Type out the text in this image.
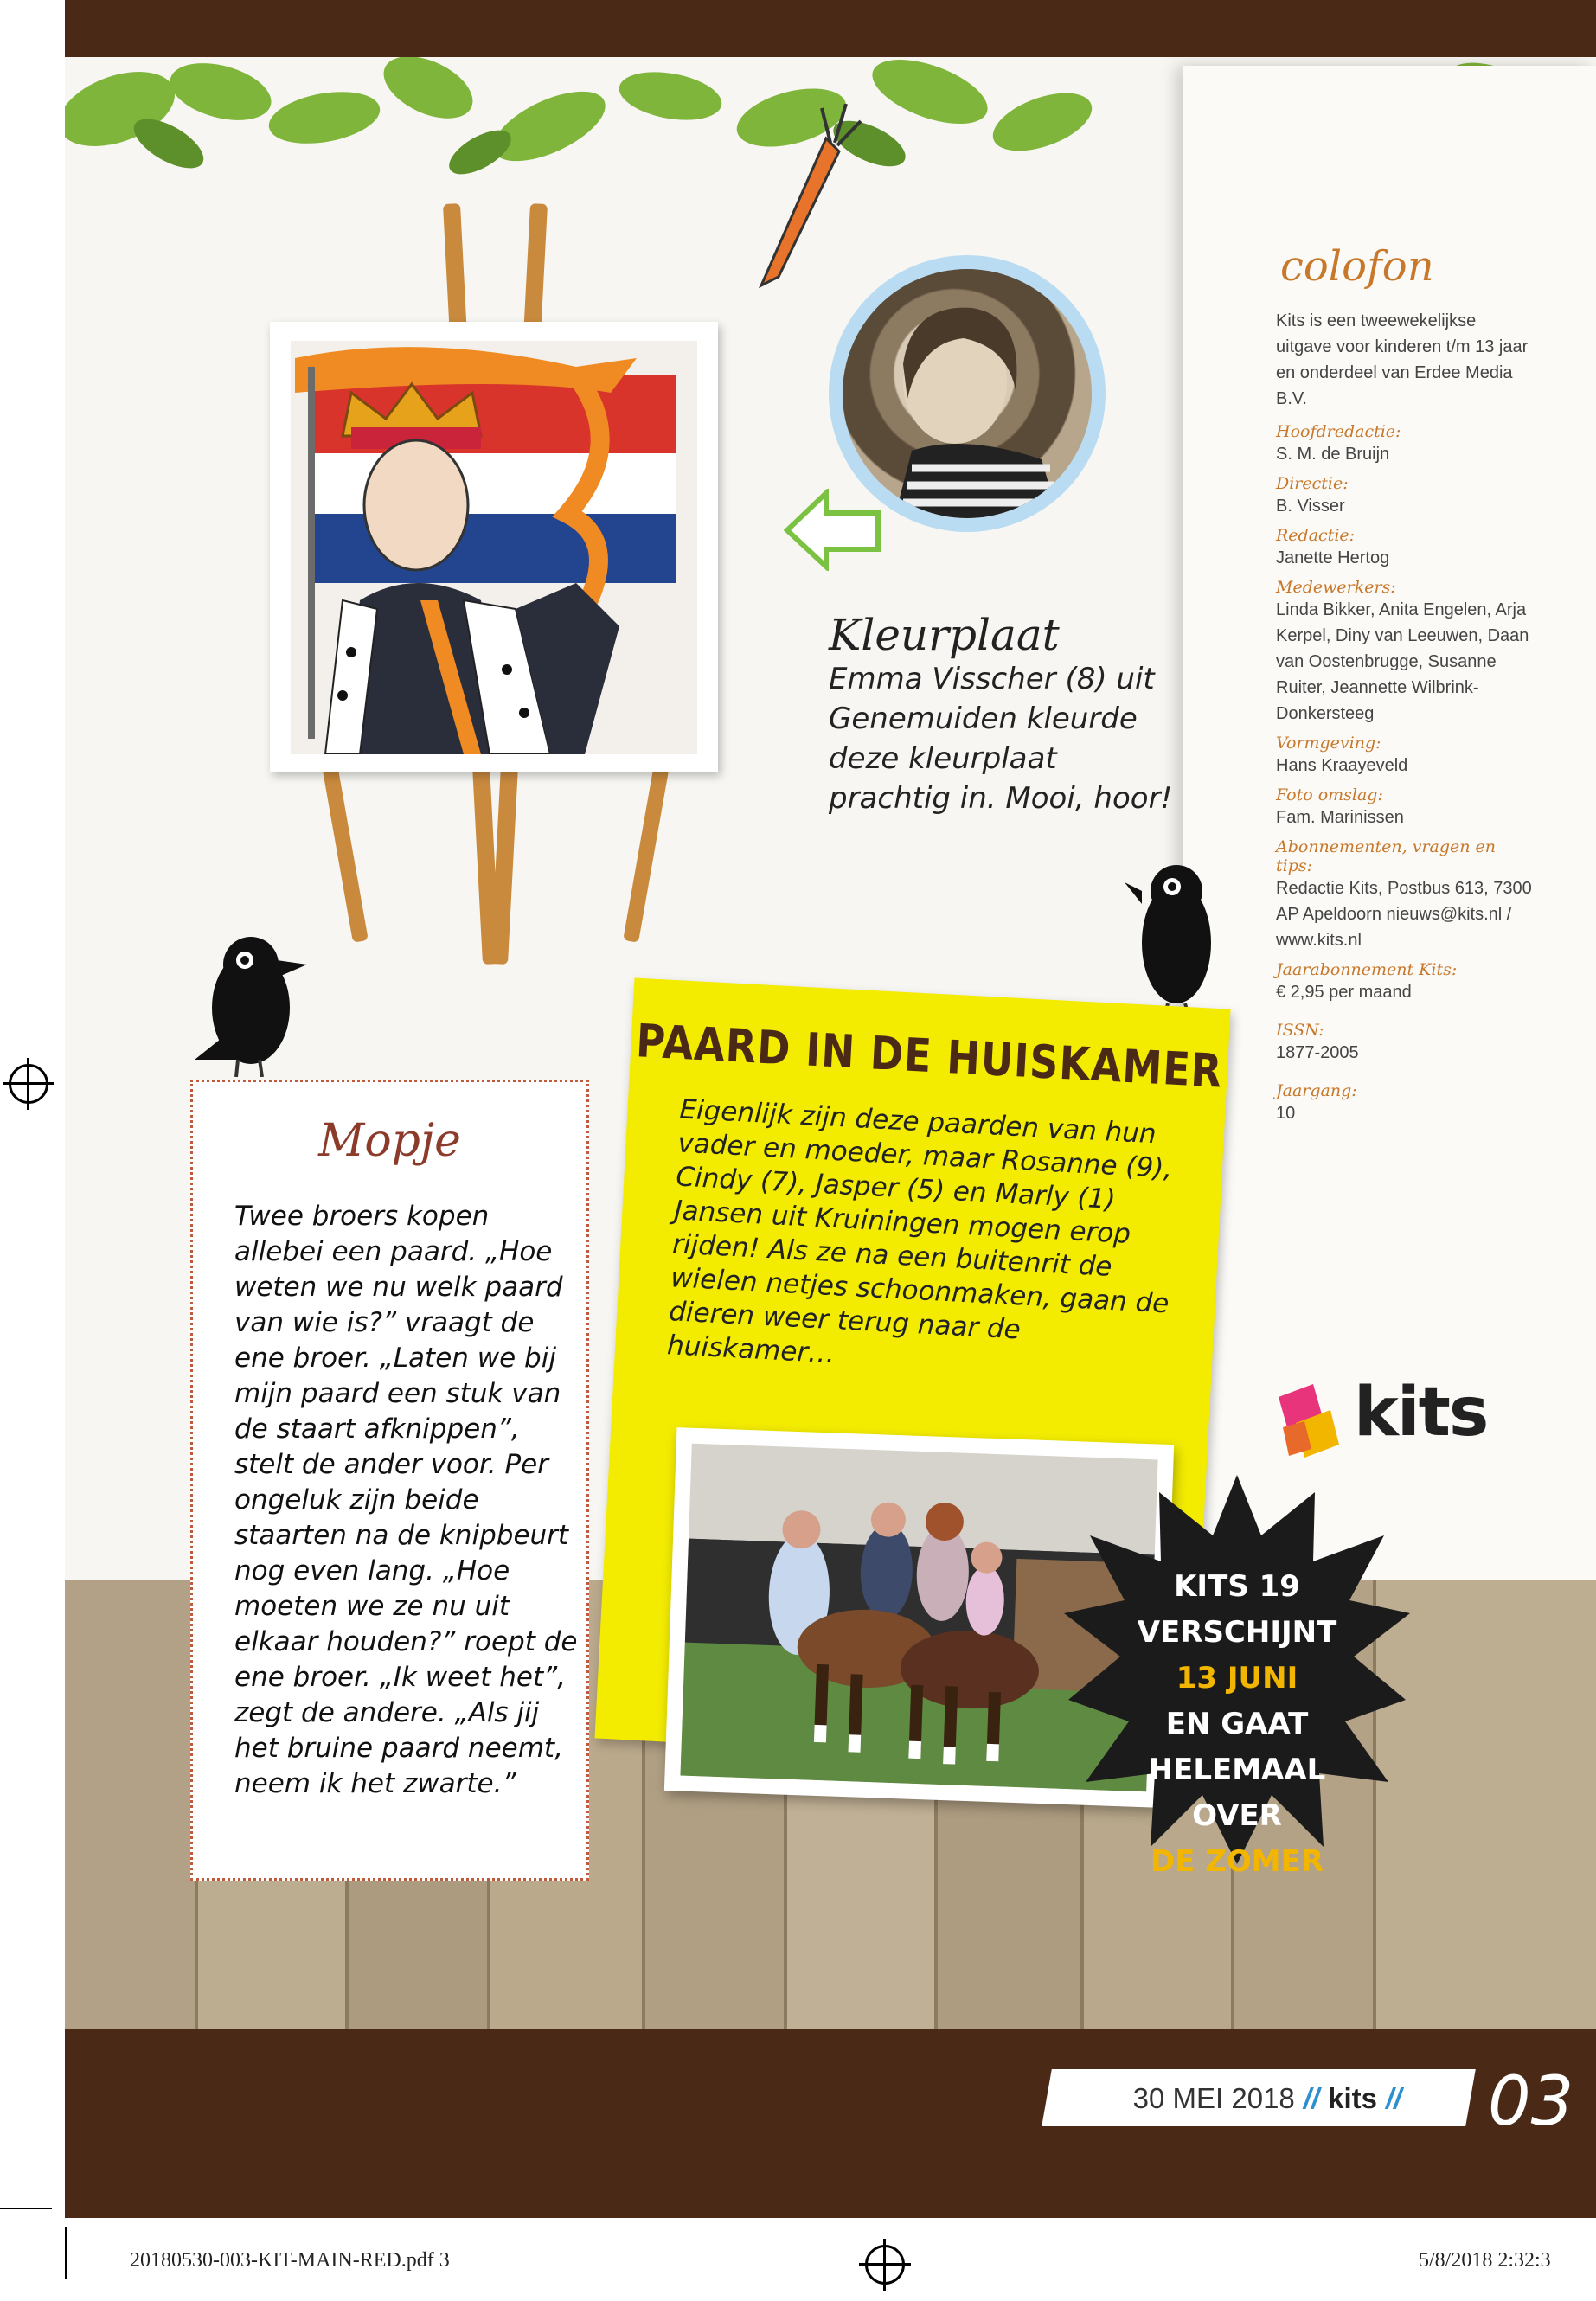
Kleurplaat
Emma Visscher (8) uit Genemuiden kleurde deze kleurplaat prachtig in. Mooi, hoor!
colofon
Kits is een tweewekelijkse uitgave voor kinderen t/m 13 jaar en onderdeel van Erdee Media B.V.
Hoofdredactie:
S. M. de Bruijn
Directie:
B. Visser
Redactie:
Janette Hertog
Medewerkers:
Linda Bikker, Anita Engelen, Arja Kerpel, Diny van Leeuwen, Daan van Oostenbrugge, Susanne Ruiter, Jeannette Wilbrink-Donkersteeg
Vormgeving:
Hans Kraayeveld
Foto omslag:
Fam. Marinissen
Abonnementen, vragen en tips:
Redactie Kits, Postbus 613, 7300 AP Apeldoorn nieuws@kits.nl / www.kits.nl
Jaarabonnement Kits:
€ 2,95 per maand
ISSN:
1877-2005
Jaargang:
10
kits
Mopje
Twee broers kopen allebei een paard. „Hoe weten we nu welk paard van wie is?” vraagt de ene broer. „Laten we bij mijn paard een stuk van de staart afknippen”, stelt de ander voor. Per ongeluk zijn beide staarten na de knipbeurt nog even lang. „Hoe moeten we ze nu uit elkaar houden?” roept de ene broer. „Ik weet het”, zegt de andere. „Als jij het bruine paard neemt, neem ik het zwarte.”
PAARD IN DE HUISKAMER
Eigenlijk zijn deze paarden van hun vader en moeder, maar Rosanne (9), Cindy (7), Jasper (5) en Marly (1) Jansen uit Kruiningen mogen erop rijden! Als ze na een buitenrit de wielen netjes schoonmaken, gaan de dieren weer terug naar de huiskamer…
KITS 19
VERSCHIJNT
13 JUNI
EN GAAT
HELEMAAL OVER
DE ZOMER
30 MEI 2018 // kits // 03
20180530-003-KIT-MAIN-RED.pdf 3	5/8/2018 2:32:3
